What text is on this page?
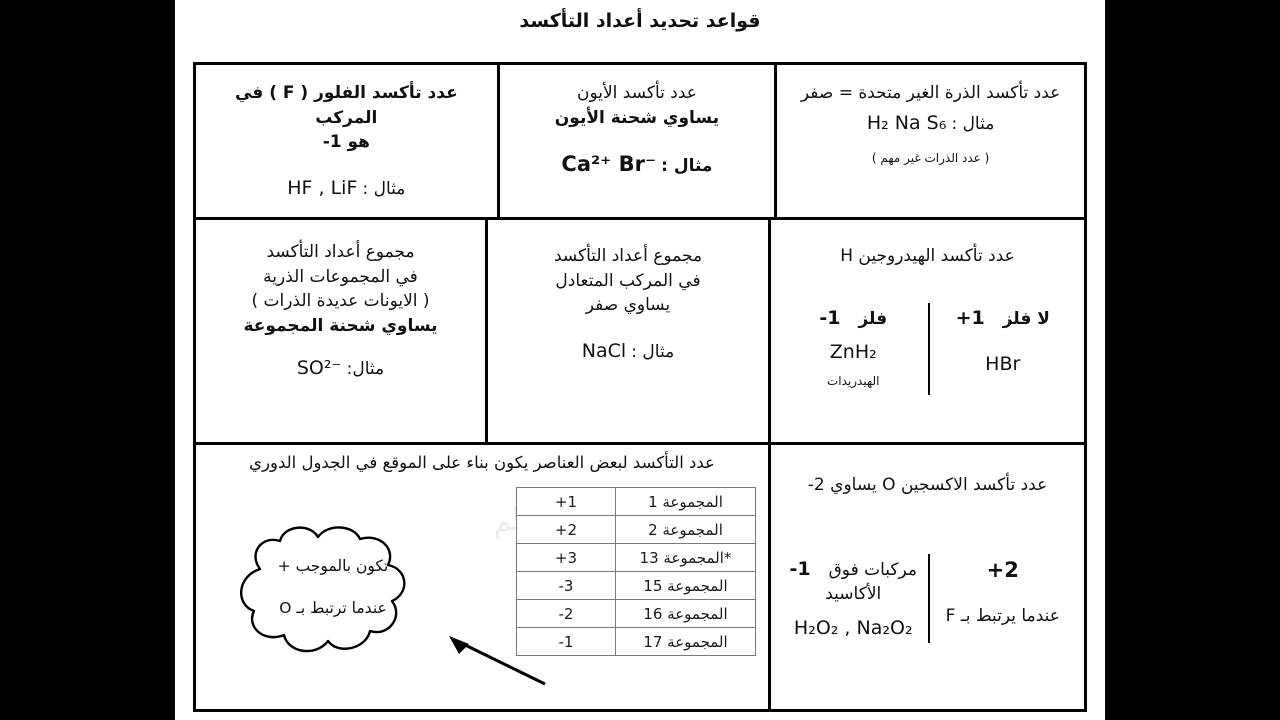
قواعد تحديد أعداد التأكسد
عدد تأكسد الذرة الغير متحدة = صفر
مثال : H₂ Na S₆
( عدد الذرات غير مهم )
عدد تأكسد الأيون
يساوي شحنة الأيون
مثال : Ca²⁺ Br⁻
عدد تأكسد الفلور ( F ) في المركب
هو 1-
مثال : HF , LiF
عدد تأكسد الهيدروجين H
+1 لا فلز
HBr
-1 فلز
ZnH₂
الهيدريدات
مجموع أعداد التأكسد
في المركب المتعادل
يساوي صفر
مثال : NaCl
مجموع أعداد التأكسد
في المجموعات الذرية
( الايونات عديدة الذرات )
يساوي شحنة المجموعة
مثال: SO²⁻
عدد تأكسد الاكسجين O يساوي 2-
+2
عندما يرتبط بـ F
-1 مركبات فوق
الأكاسيد
H₂O₂ , Na₂O₂
عدد التأكسد لبعض العناصر يكون بناء على الموقع في الجدول الدوري
تكون بالموجب +
عندما ترتبط بـ O
المجموعة 1	+1
المجموعة 2	+2
*المجموعة 13	+3
المجموعة 15	-3
المجموعة 16	-2
المجموعة 17	-1
